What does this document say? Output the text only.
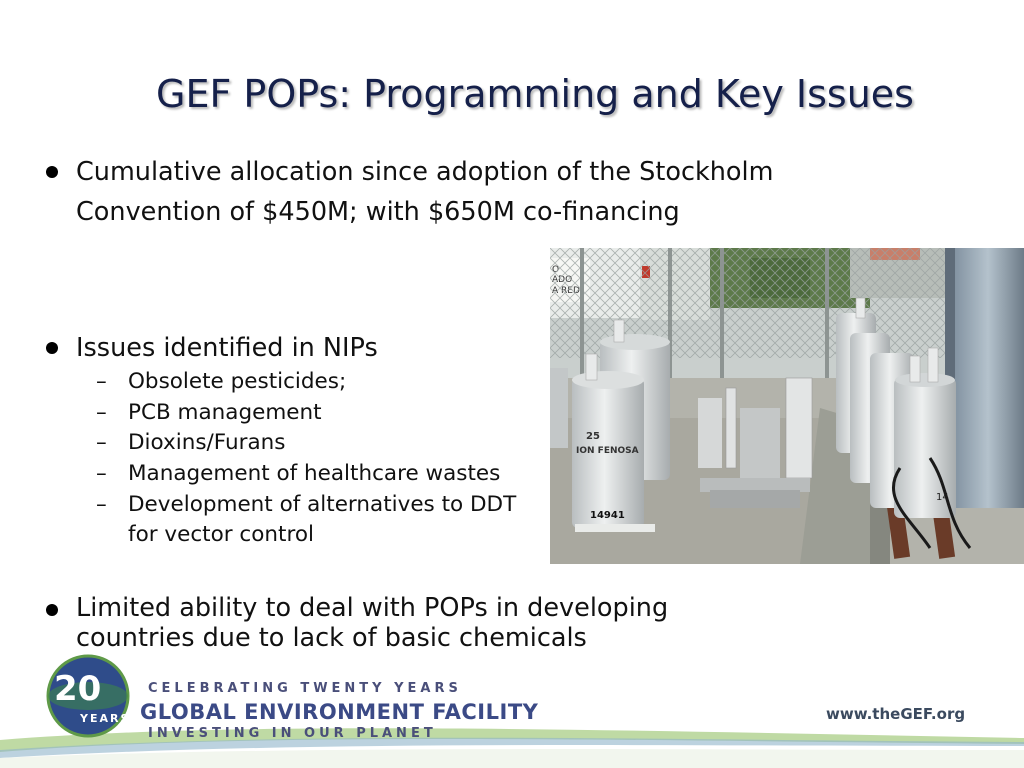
GEF POPs: Programming and Key Issues
Cumulative allocation since adoption of the Stockholm Convention of $450M; with $650M co-financing
Issues identified in NIPs
– Obsolete pesticides;
– PCB management
– Dioxins/Furans
– Management of healthcare wastes
– Development of alternatives to DDT
for vector control
Limited ability to deal with POPs in developing countries due to lack of basic chemicals
14
25
ION FENOSA
14941
20
YEARS
CELEBRATING TWENTY YEARS
GLOBAL ENVIRONMENT FACILITY
INVESTING IN OUR PLANET
www.theGEF.org
